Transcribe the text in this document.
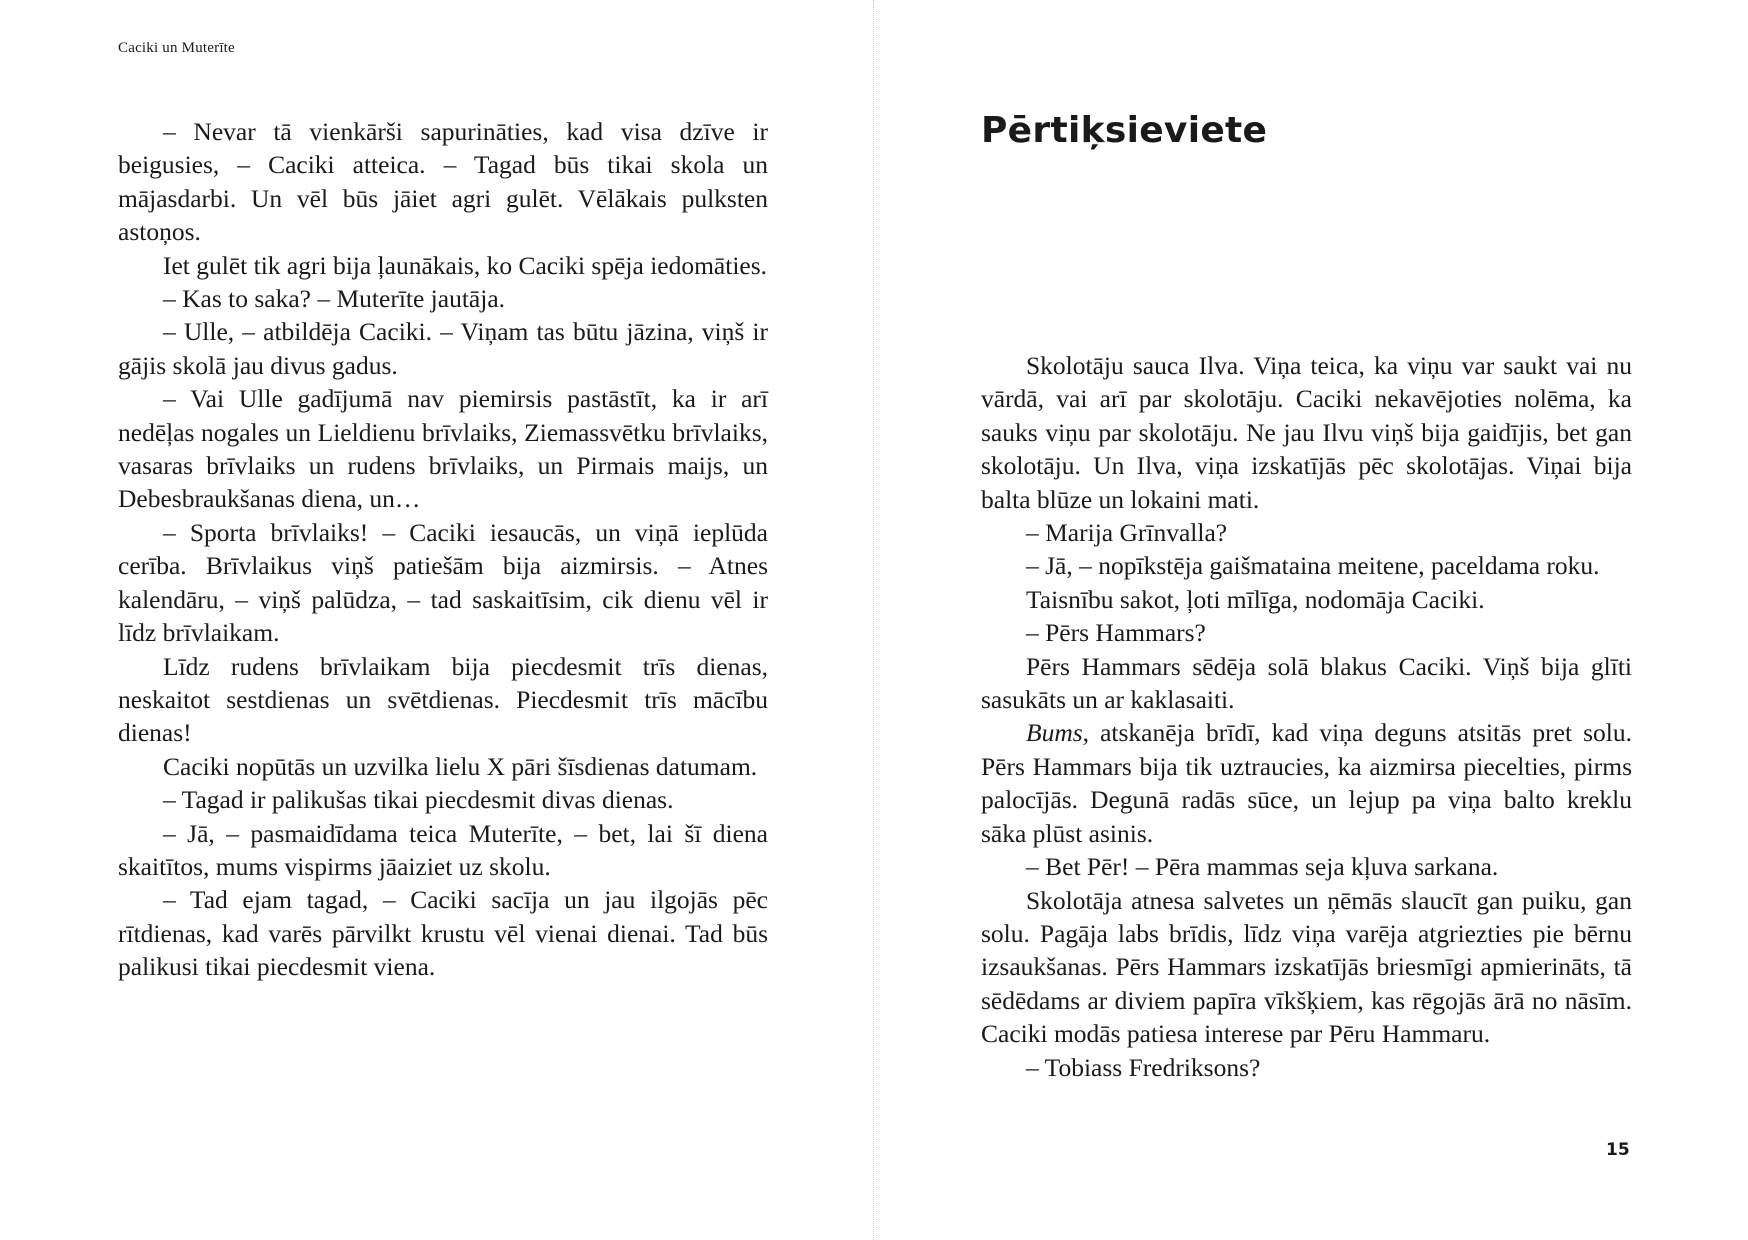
Caciki un Muterīte

– Nevar tā vienkārši sapurināties, kad visa dzīve ir beigusies, – Caciki atteica. – Tagad būs tikai skola un mājasdarbi. Un vēl būs jāiet agri gulēt. Vēlākais pulksten astoņos.

Iet gulēt tik agri bija ļaunākais, ko Caciki spēja iedomāties.

– Kas to saka? – Muterīte jautāja.

– Ulle, – atbildēja Caciki. – Viņam tas būtu jāzina, viņš ir gājis skolā jau divus gadus.

– Vai Ulle gadījumā nav piemirsis pastāstīt, ka ir arī nedēļas nogales un Lieldienu brīvlaiks, Ziemassvētku brīvlaiks, vasaras brīvlaiks un rudens brīvlaiks, un Pirmais maijs, un Debesbraukšanas diena, un…

– Sporta brīvlaiks! – Caciki iesaucās, un viņā ieplūda cerība. Brīvlaikus viņš patiešām bija aizmirsis. – Atnes kalendāru, – viņš palūdza, – tad saskaitīsim, cik dienu vēl ir līdz brīvlaikam.

Līdz rudens brīvlaikam bija piecdesmit trīs dienas, neskaitot sestdienas un svētdienas. Piecdesmit trīs mācību dienas!

Caciki nopūtās un uzvilka lielu X pāri šīsdienas datumam.

– Tagad ir palikušas tikai piecdesmit divas dienas.

– Jā, – pasmaidīdama teica Muterīte, – bet, lai šī diena skaitītos, mums vispirms jāaiziet uz skolu.

– Tad ejam tagad, – Caciki sacīja un jau ilgojās pēc rītdienas, kad varēs pārvilkt krustu vēl vienai dienai. Tad būs palikusi tikai piecdesmit viena.

Pērtiķsieviete

Skolotāju sauca Ilva. Viņa teica, ka viņu var saukt vai nu vārdā, vai arī par skolotāju. Caciki nekavējoties nolēma, ka sauks viņu par skolotāju. Ne jau Ilvu viņš bija gaidījis, bet gan skolotāju. Un Ilva, viņa izskatījās pēc skolotājas. Viņai bija balta blūze un lokaini mati.

– Marija Grīnvalla?

– Jā, – nopīkstēja gaišmataina meitene, paceldama roku.

Taisnību sakot, ļoti mīlīga, nodomāja Caciki.

– Pērs Hammars?

Pērs Hammars sēdēja solā blakus Caciki. Viņš bija glīti sasukāts un ar kaklasaiti.

Bums, atskanēja brīdī, kad viņa deguns atsitās pret solu. Pērs Hammars bija tik uztraucies, ka aizmirsa piecelties, pirms palocījās. Degunā radās sūce, un lejup pa viņa balto kreklu sāka plūst asinis.

– Bet Pēr! – Pēra mammas seja kļuva sarkana.

Skolotāja atnesa salvetes un ņēmās slaucīt gan puiku, gan solu. Pagāja labs brīdis, līdz viņa varēja atgriezties pie bērnu izsaukšanas. Pērs Hammars izskatījās briesmīgi apmierināts, tā sēdēdams ar diviem papīra vīkšķiem, kas rēgojās ārā no nāsīm. Caciki modās patiesa interese par Pēru Hammaru.

– Tobiass Fredriksons?

15
